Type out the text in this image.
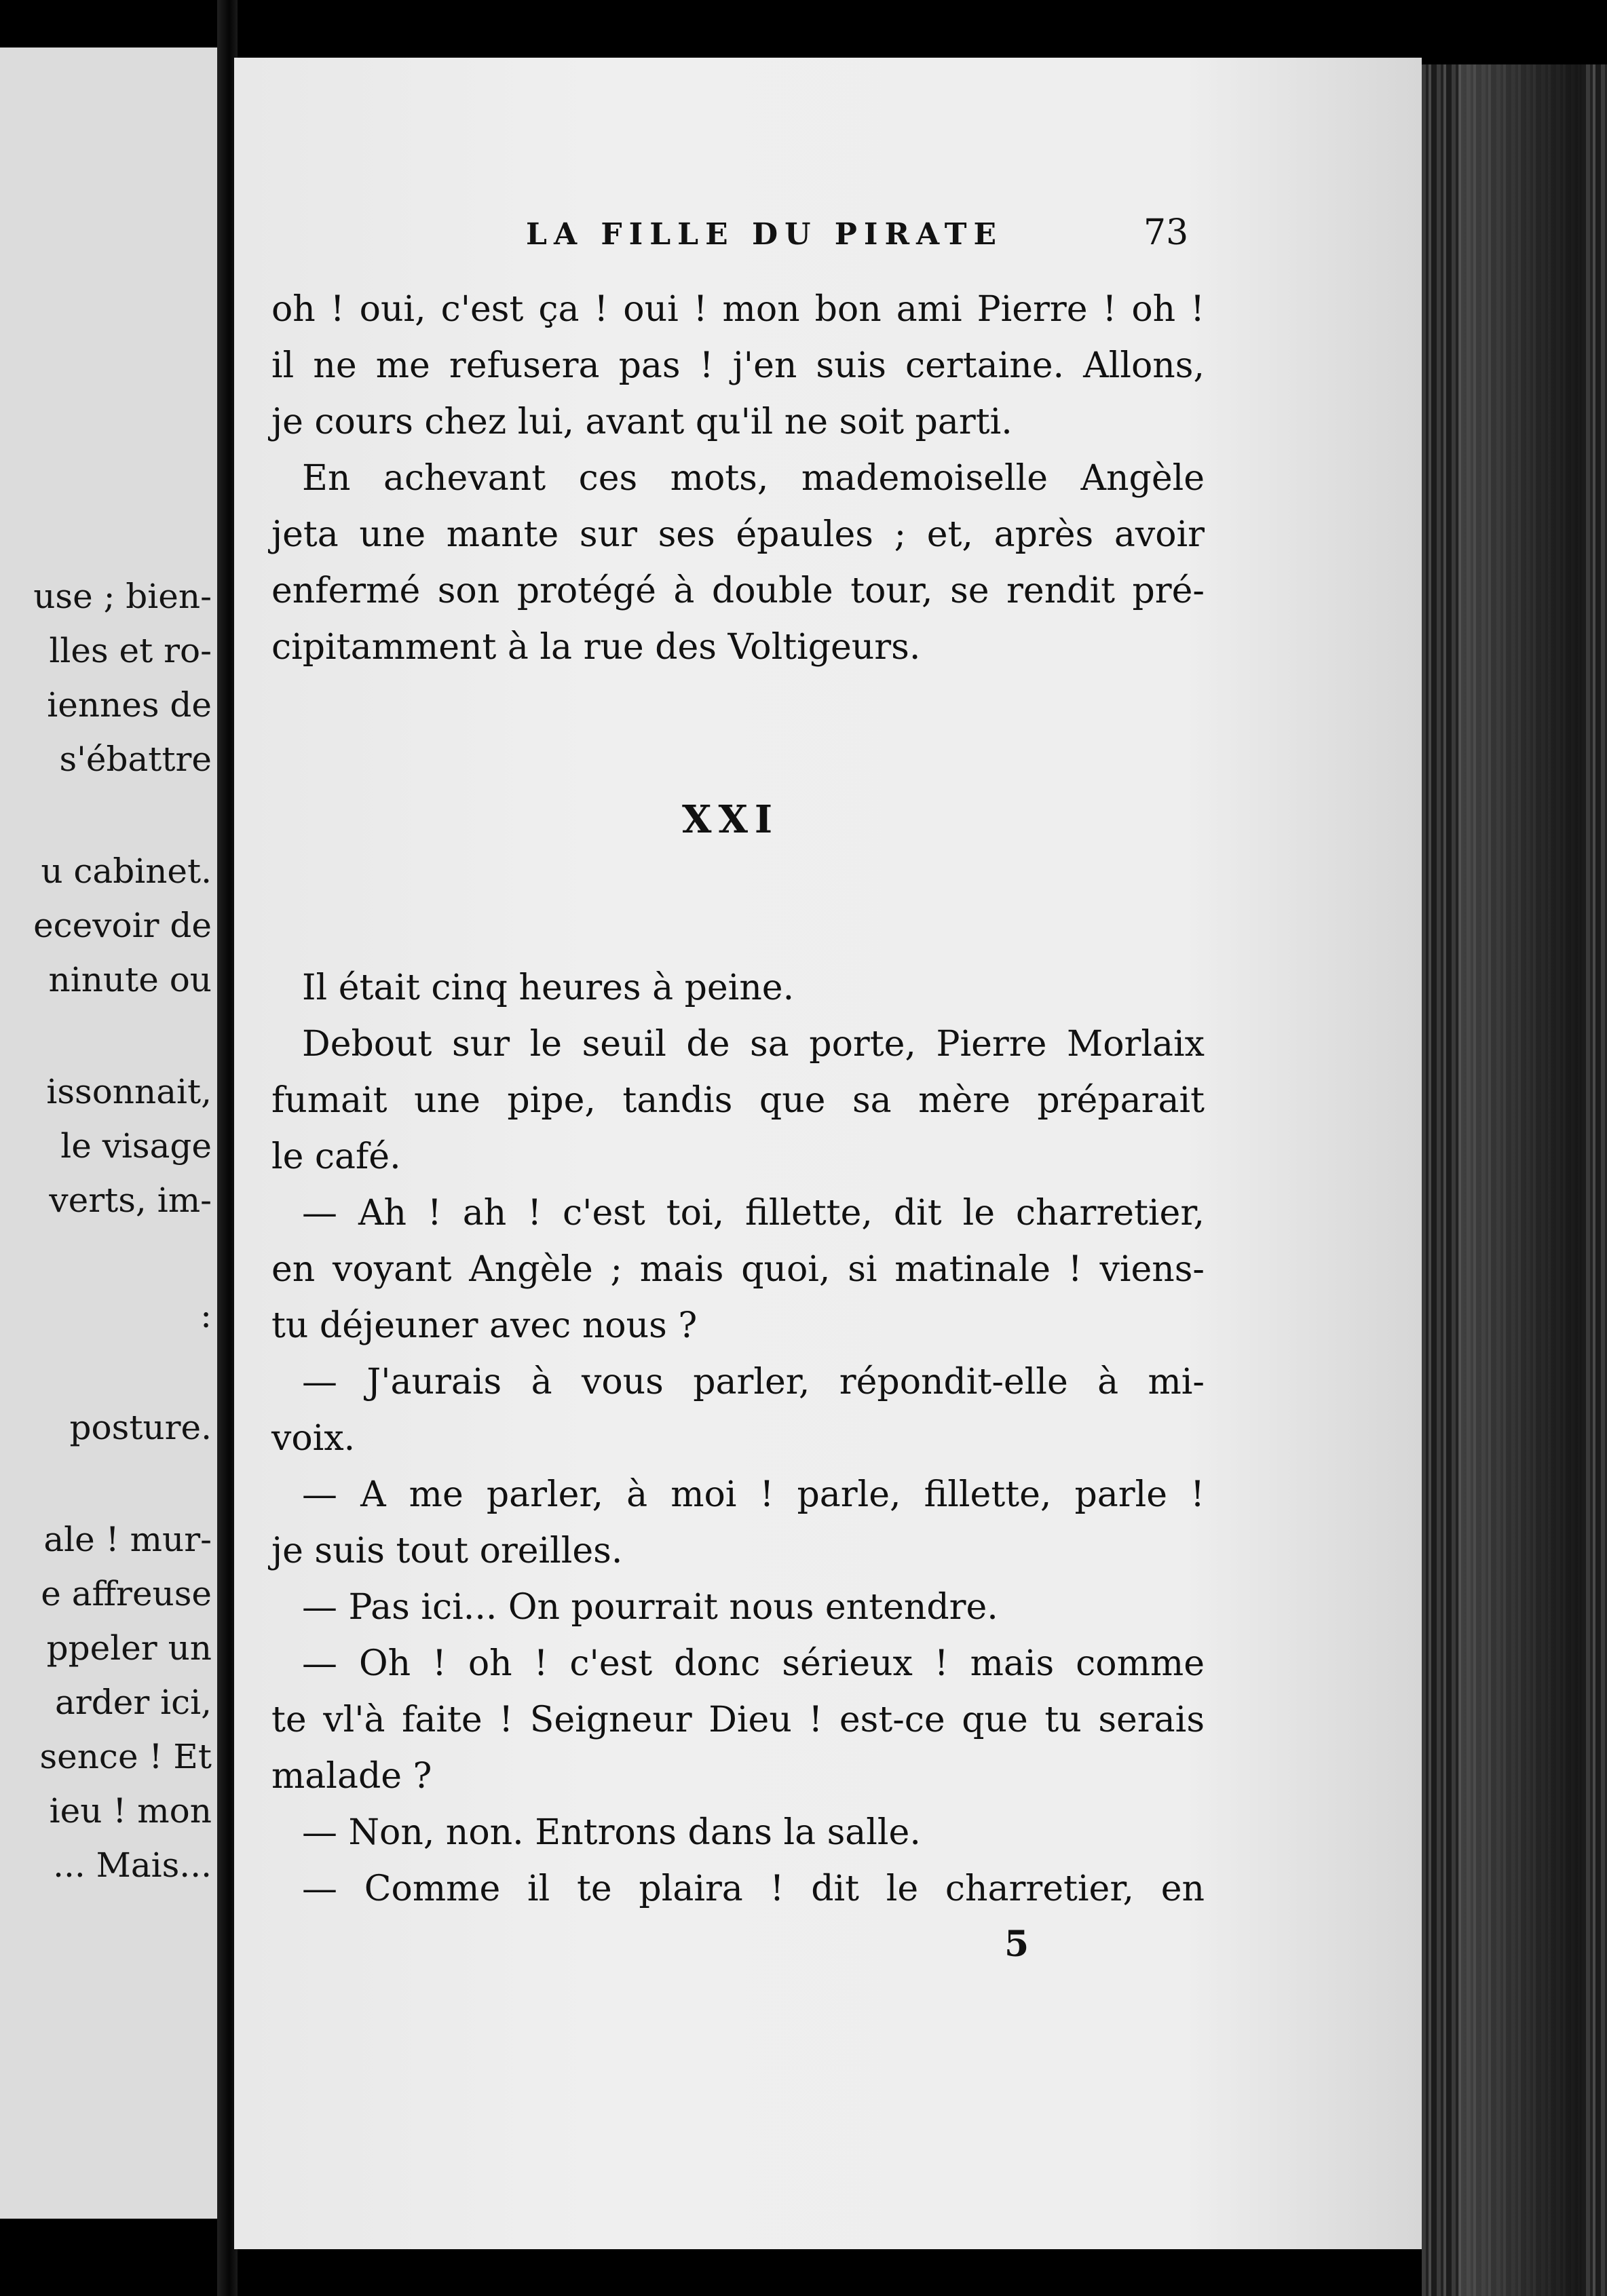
use ; bien-
lles et ro-
iennes de
s'ébattre
u cabinet.
ecevoir de
ninute ou
issonnait,
le visage
verts, im-
:
posture.
ale ! mur-
e affreuse
ppeler un
arder ici,
sence ! Et
ieu ! mon
... Mais...
LA FILLE DU PIRATE	73
oh ! oui, c'est ça ! oui ! mon bon ami Pierre ! oh !
il ne me refusera pas ! j'en suis certaine. Allons,
je cours chez lui, avant qu'il ne soit parti.
En achevant ces mots, mademoiselle Angèle
jeta une mante sur ses épaules ; et, après avoir
enfermé son protégé à double tour, se rendit pré-
cipitamment à la rue des Voltigeurs.
XXI
Il était cinq heures à peine.
Debout sur le seuil de sa porte, Pierre Morlaix
fumait une pipe, tandis que sa mère préparait
le café.
— Ah ! ah ! c'est toi, fillette, dit le charretier,
en voyant Angèle ; mais quoi, si matinale ! viens-
tu déjeuner avec nous ?
— J'aurais à vous parler, répondit-elle à mi-
voix.
— A me parler, à moi ! parle, fillette, parle !
je suis tout oreilles.
— Pas ici... On pourrait nous entendre.
— Oh ! oh ! c'est donc sérieux ! mais comme
te vl'à faite ! Seigneur Dieu ! est-ce que tu serais
malade ?
— Non, non. Entrons dans la salle.
— Comme il te plaira ! dit le charretier, en
5
